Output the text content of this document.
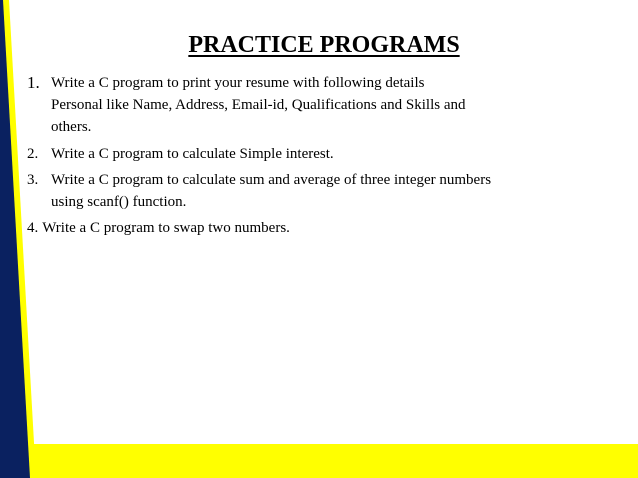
PRACTICE PROGRAMS
1. Write a C program to print your resume with following details
Personal like Name, Address, Email-id, Qualifications and Skills and
others.
2. Write a C program to calculate Simple interest.
3. Write a C program to calculate sum and average of three integer numbers
using scanf() function.
4. Write a C program to swap two numbers.
